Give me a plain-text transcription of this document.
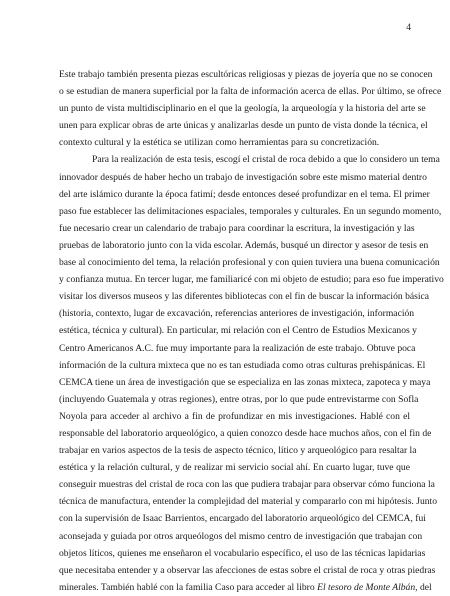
4
Este trabajo también presenta piezas escultóricas religiosas y piezas de joyería que no se conocen
o se estudian de manera superficial por la falta de información acerca de ellas. Por último, se ofrece
un punto de vista multidisciplinario en el que la geología, la arqueología y la historia del arte se
unen para explicar obras de arte únicas y analizarlas desde un punto de vista donde la técnica, el
contexto cultural y la estética se utilizan como herramientas para su concretización.
Para la realización de esta tesis, escogí el cristal de roca debido a que lo considero un tema
innovador después de haber hecho un trabajo de investigación sobre este mismo material dentro
del arte islámico durante la época fatimí; desde entonces deseé profundizar en el tema. El primer
paso fue establecer las delimitaciones espaciales, temporales y culturales. En un segundo momento,
fue necesario crear un calendario de trabajo para coordinar la escritura, la investigación y las
pruebas de laboratorio junto con la vida escolar. Además, busqué un director y asesor de tesis en
base al conocimiento del tema, la relación profesional y con quien tuviera una buena comunicación
y confianza mutua. En tercer lugar, me familiaricé con mi objeto de estudio; para eso fue imperativo
visitar los diversos museos y las diferentes bibliotecas con el fin de buscar la información básica
(historia, contexto, lugar de excavación, referencias anteriores de investigación, información
estética, técnica y cultural). En particular, mi relación con el Centro de Estudios Mexicanos y
Centro Americanos A.C. fue muy importante para la realización de este trabajo. Obtuve poca
información de la cultura mixteca que no es tan estudiada como otras culturas prehispánicas. El
CEMCA tiene un área de investigación que se especializa en las zonas mixteca, zapoteca y maya
(incluyendo Guatemala y otras regiones), entre otras, por lo que pude entrevistarme con Sofla
Noyola para acceder al archivo a fin de profundizar en mis investigaciones. Hablé con el
responsable del laboratorio arqueológico, a quien conozco desde hace muchos años, con el fin de
trabajar en varios aspectos de la tesis de aspecto técnico, lítico y arqueológico para resaltar la
estética y la relación cultural, y de realizar mi servicio social ahí. En cuarto lugar, tuve que
conseguir muestras del cristal de roca con las que pudiera trabajar para observar cómo funciona la
técnica de manufactura, entender la complejidad del material y compararlo con mi hipótesis. Junto
con la supervisión de Isaac Barrientos, encargado del laboratorio arqueológico del CEMCA, fui
aconsejada y guiada por otros arqueólogos del mismo centro de investigación que trabajan con
objetos líticos, quienes me enseñaron el vocabulario específico, el uso de las técnicas lapidarias
que necesitaba entender y a observar las afecciones de estas sobre el cristal de roca y otras piedras
minerales. También hablé con la familia Caso para acceder al libro El tesoro de Monte Albán, del
